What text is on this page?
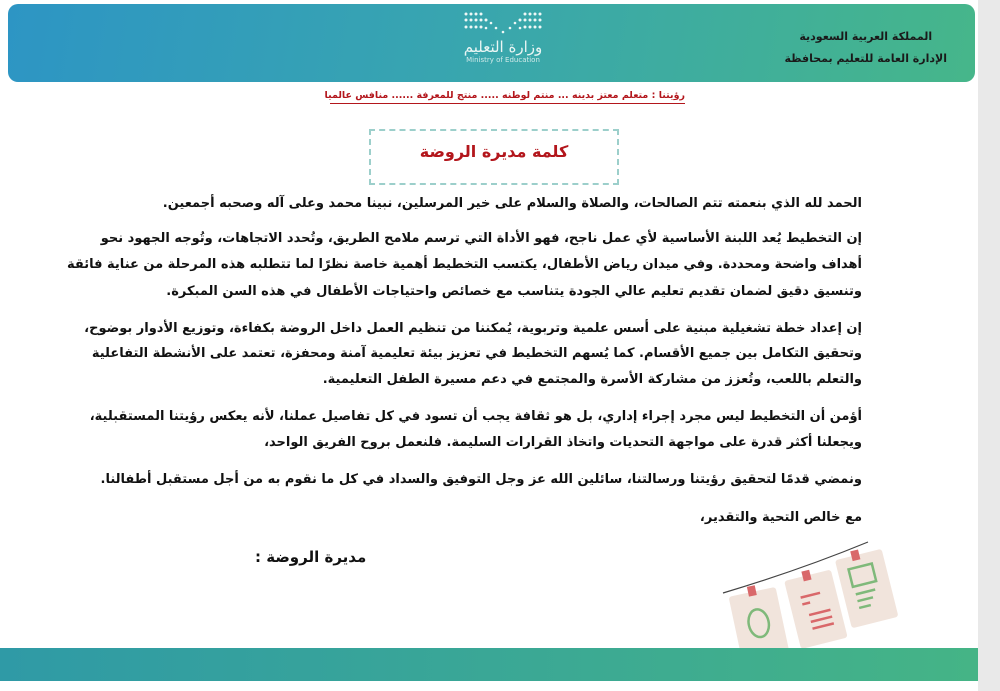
وزارة التعليم
Ministry of Education
المملكة العربية السعودية
الإدارة العامة للتعليم بمحافظة
رؤيتنا : متعلم معتز بدينه ... منتم لوطنه ..... منتج للمعرفة ...... منافس عالميا
كلمة مديرة الروضة
الحمد لله الذي بنعمته تتم الصالحات، والصلاة والسلام على خير المرسلين، نبينا محمد وعلى آله وصحبه أجمعين.
إن التخطيط يُعد اللبنة الأساسية لأي عمل ناجح، فهو الأداة التي ترسم ملامح الطريق، وتُحدد الاتجاهات، وتُوجه الجهود نحو
أهداف واضحة ومحددة. وفي ميدان رياض الأطفال، يكتسب التخطيط أهمية خاصة نظرًا لما تتطلبه هذه المرحلة من عناية فائقة
وتنسيق دقيق لضمان تقديم تعليم عالي الجودة يتناسب مع خصائص واحتياجات الأطفال في هذه السن المبكرة.
إن إعداد خطة تشغيلية مبنية على أسس علمية وتربوية، يُمكننا من تنظيم العمل داخل الروضة بكفاءة، وتوزيع الأدوار بوضوح،
وتحقيق التكامل بين جميع الأقسام. كما يُسهم التخطيط في تعزيز بيئة تعليمية آمنة ومحفزة، تعتمد على الأنشطة التفاعلية
والتعلم باللعب، وتُعزز من مشاركة الأسرة والمجتمع في دعم مسيرة الطفل التعليمية.
أؤمن أن التخطيط ليس مجرد إجراء إداري، بل هو ثقافة يجب أن تسود في كل تفاصيل عملنا، لأنه يعكس رؤيتنا المستقبلية،
ويجعلنا أكثر قدرة على مواجهة التحديات واتخاذ القرارات السليمة. فلنعمل بروح الفريق الواحد،
ونمضي قدمًا لتحقيق رؤيتنا ورسالتنا، سائلين الله عز وجل التوفيق والسداد في كل ما نقوم به من أجل مستقبل أطفالنا.
مع خالص التحية والتقدير،
مديرة الروضة :
